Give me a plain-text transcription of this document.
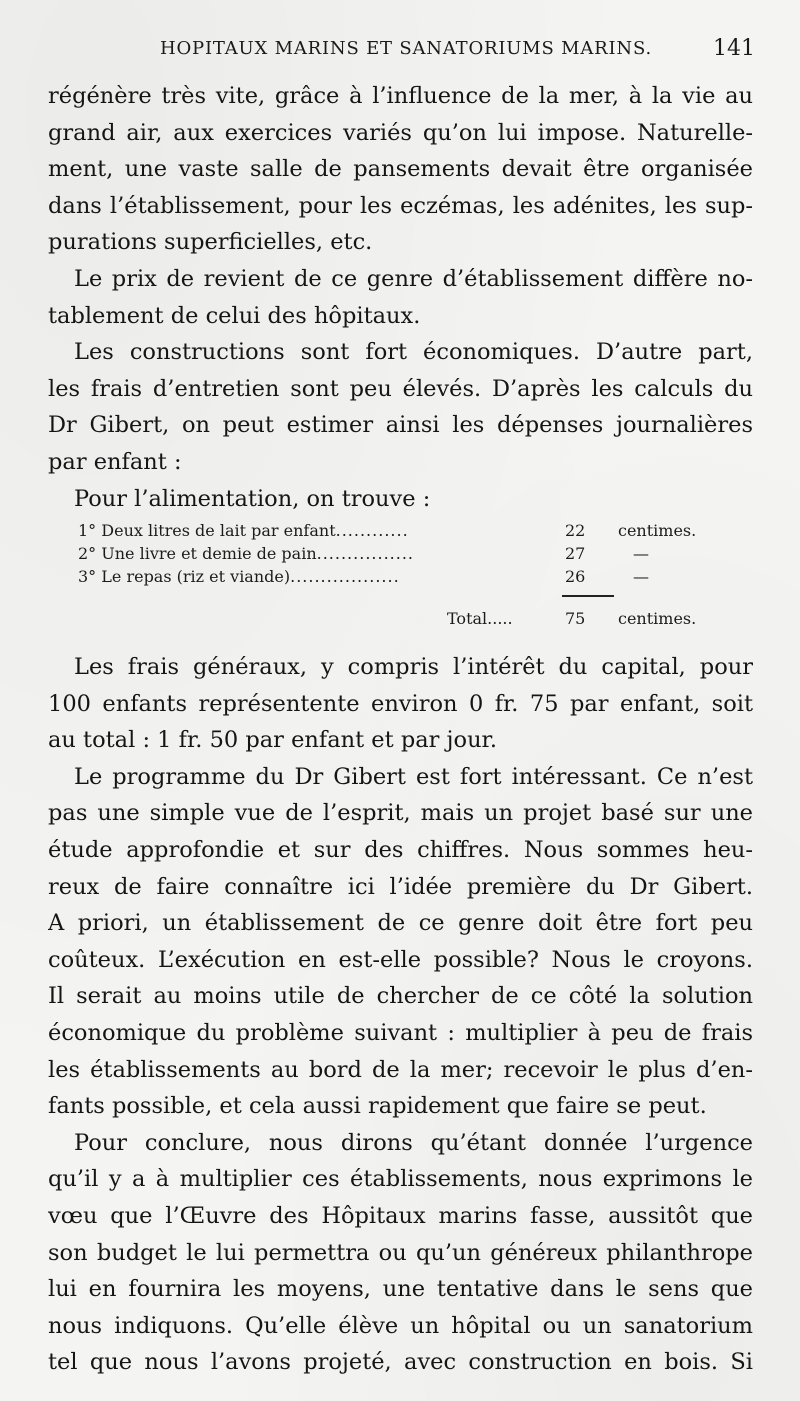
HOPITAUX MARINS ET SANATORIUMS MARINS.	141
régénère très vite, grâce à l’influence de la mer, à la vie au
grand air, aux exercices variés qu’on lui impose. Naturelle-
ment, une vaste salle de pansements devait être organisée
dans l’établissement, pour les eczémas, les adénites, les sup-
purations superficielles, etc.
Le prix de revient de ce genre d’établissement diffère no-
tablement de celui des hôpitaux.
Les constructions sont fort économiques. D’autre part,
les frais d’entretien sont peu élevés. D’après les calculs du
Dr Gibert, on peut estimer ainsi les dépenses journalières
par enfant :
Pour l’alimentation, on trouve :
1° Deux litres de lait par enfant............	22 centimes.
2° Une livre et demie de pain................	27	—
3° Le repas (riz et viande)..................	26	—
Total.....	75 centimes.
Les frais généraux, y compris l’intérêt du capital, pour
100 enfants représentente environ 0 fr. 75 par enfant, soit
au total : 1 fr. 50 par enfant et par jour.
Le programme du Dr Gibert est fort intéressant. Ce n’est
pas une simple vue de l’esprit, mais un projet basé sur une
étude approfondie et sur des chiffres. Nous sommes heu-
reux de faire connaître ici l’idée première du Dr Gibert.
A priori, un établissement de ce genre doit être fort peu
coûteux. L’exécution en est-elle possible? Nous le croyons.
Il serait au moins utile de chercher de ce côté la solution
économique du problème suivant : multiplier à peu de frais
les établissements au bord de la mer; recevoir le plus d’en-
fants possible, et cela aussi rapidement que faire se peut.
Pour conclure, nous dirons qu’étant donnée l’urgence
qu’il y a à multiplier ces établissements, nous exprimons le
vœu que l’Œuvre des Hôpitaux marins fasse, aussitôt que
son budget le lui permettra ou qu’un généreux philanthrope
lui en fournira les moyens, une tentative dans le sens que
nous indiquons. Qu’elle élève un hôpital ou un sanatorium
tel que nous l’avons projeté, avec construction en bois. Si
